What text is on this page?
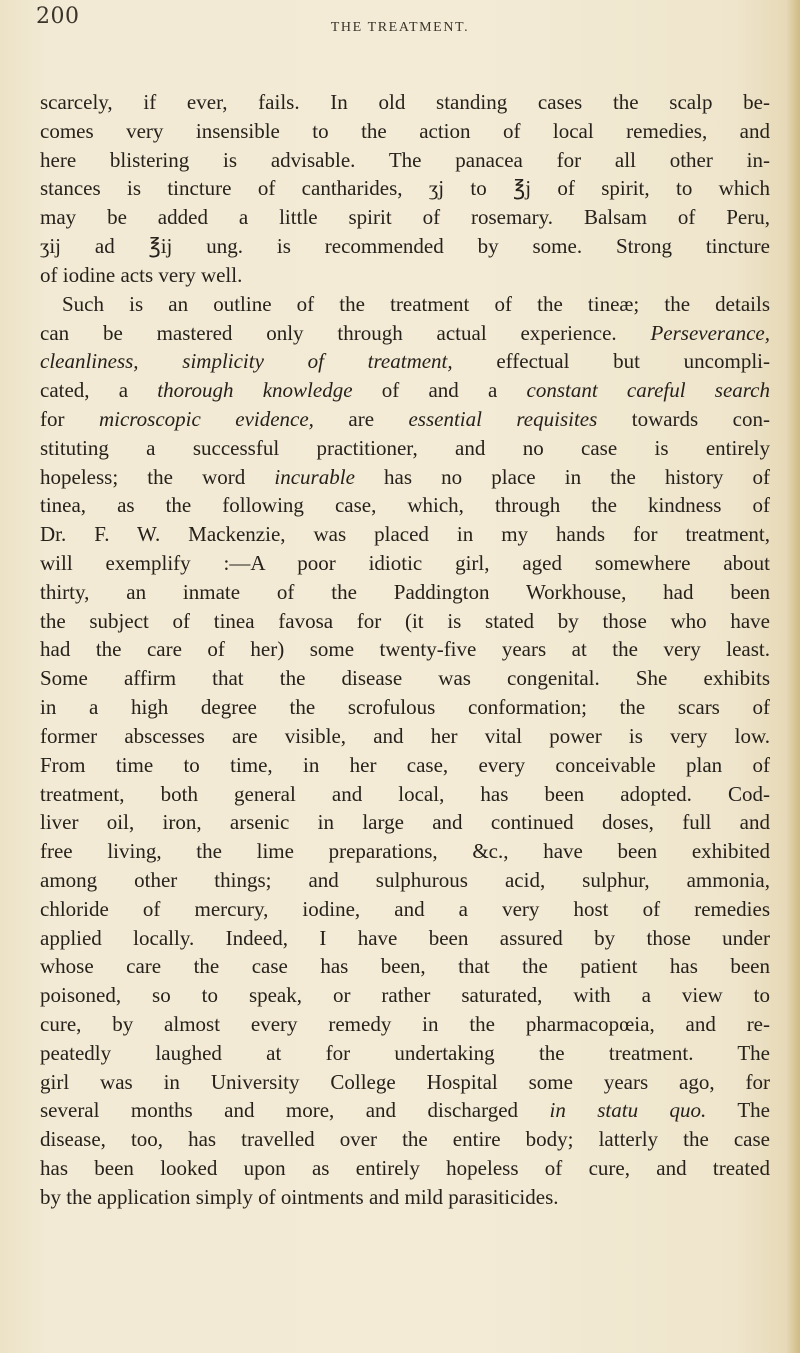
200	THE TREATMENT.
scarcely, if ever, fails. In old standing cases the scalp be-
comes very insensible to the action of local remedies, and
here blistering is advisable. The panacea for all other in-
stances is tincture of cantharides, ʒj to ℥j of spirit, to which
may be added a little spirit of rosemary. Balsam of Peru,
ʒij ad ℥ij ung. is recommended by some. Strong tincture
of iodine acts very well.
Such is an outline of the treatment of the tineæ; the details
can be mastered only through actual experience. Perseverance,
cleanliness, simplicity of treatment, effectual but uncompli-
cated, a thorough knowledge of and a constant careful search
for microscopic evidence, are essential requisites towards con-
stituting a successful practitioner, and no case is entirely
hopeless; the word incurable has no place in the history of
tinea, as the following case, which, through the kindness of
Dr. F. W. Mackenzie, was placed in my hands for treatment,
will exemplify :—A poor idiotic girl, aged somewhere about
thirty, an inmate of the Paddington Workhouse, had been
the subject of tinea favosa for (it is stated by those who have
had the care of her) some twenty-five years at the very least.
Some affirm that the disease was congenital. She exhibits
in a high degree the scrofulous conformation; the scars of
former abscesses are visible, and her vital power is very low.
From time to time, in her case, every conceivable plan of
treatment, both general and local, has been adopted. Cod-
liver oil, iron, arsenic in large and continued doses, full and
free living, the lime preparations, &c., have been exhibited
among other things; and sulphurous acid, sulphur, ammonia,
chloride of mercury, iodine, and a very host of remedies
applied locally. Indeed, I have been assured by those under
whose care the case has been, that the patient has been
poisoned, so to speak, or rather saturated, with a view to
cure, by almost every remedy in the pharmacopœia, and re-
peatedly laughed at for undertaking the treatment. The
girl was in University College Hospital some years ago, for
several months and more, and discharged in statu quo. The
disease, too, has travelled over the entire body; latterly the case
has been looked upon as entirely hopeless of cure, and treated
by the application simply of ointments and mild parasiticides.
